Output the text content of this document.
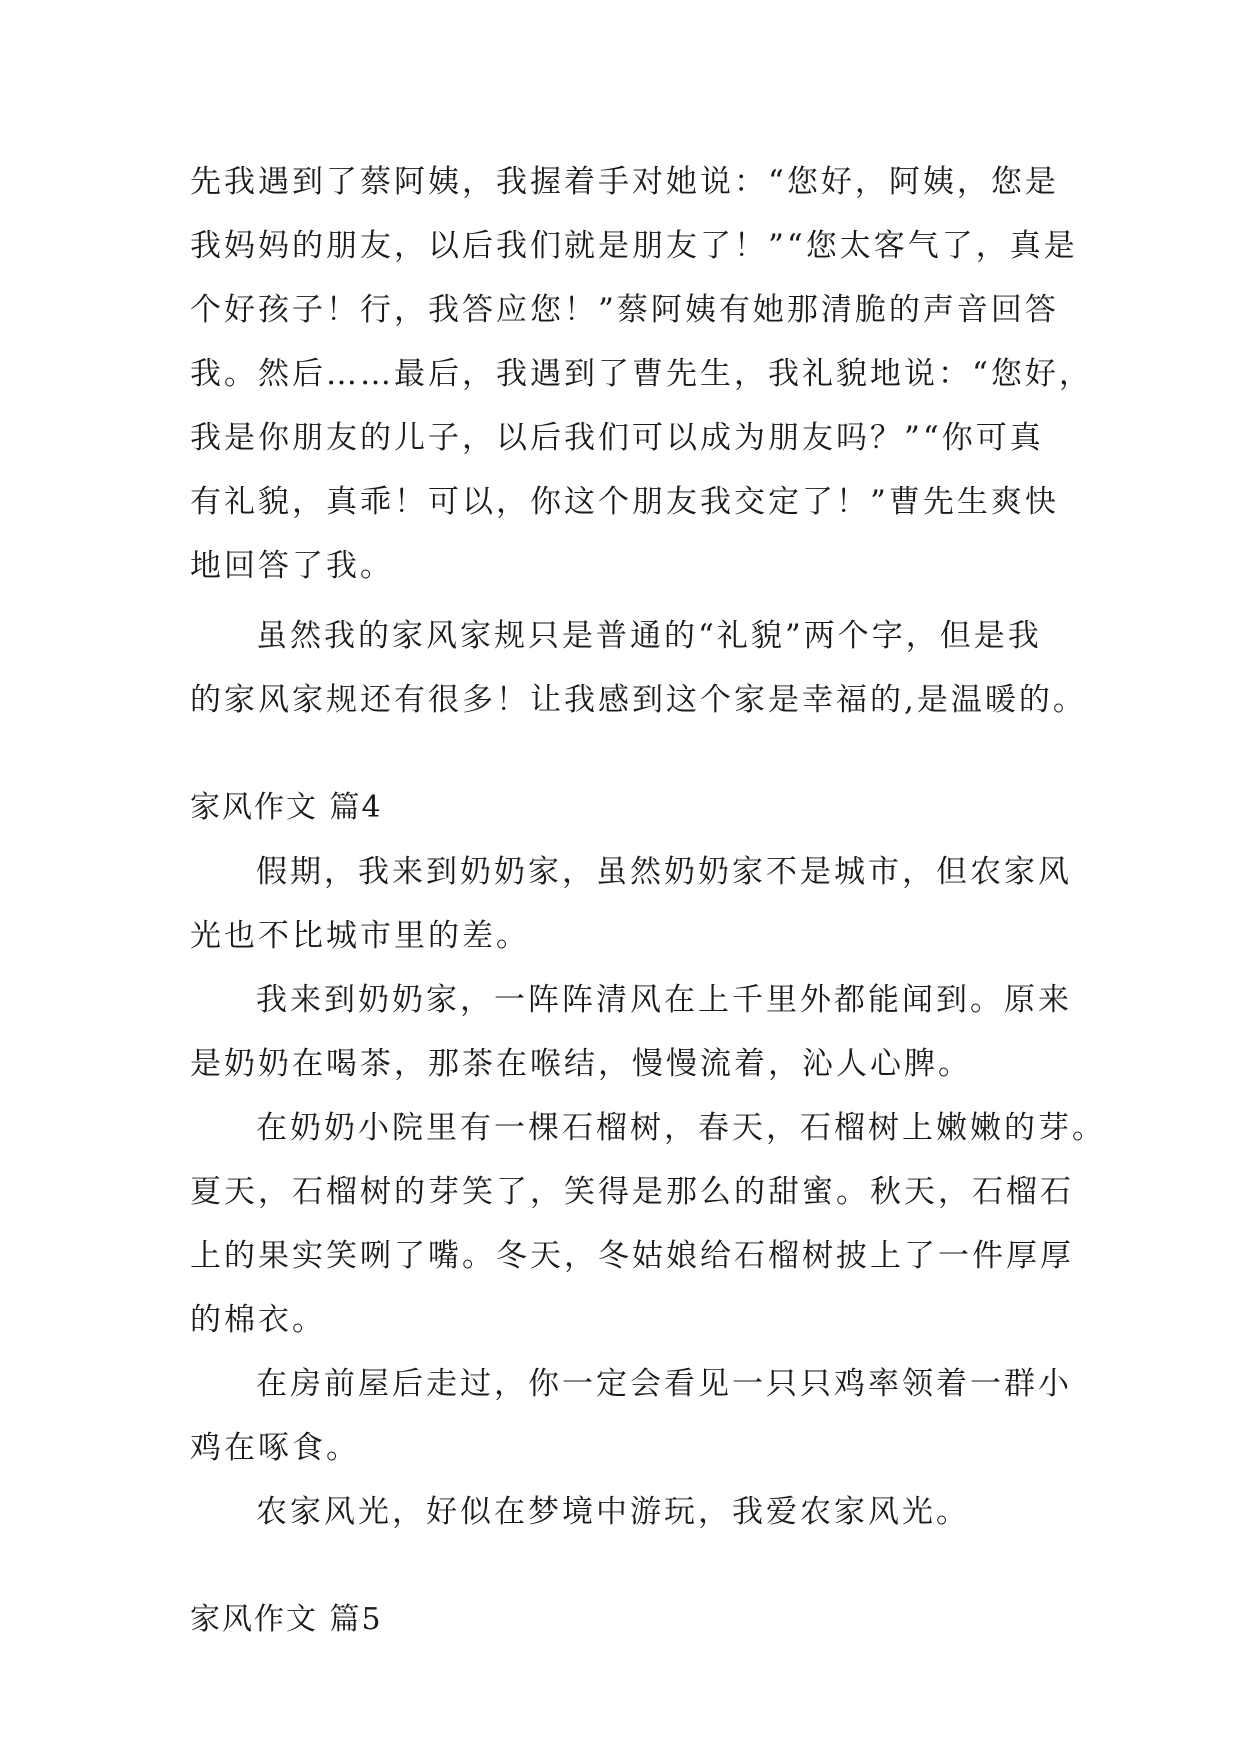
先我遇到了蔡阿姨，我握着手对她说：“您好，阿姨，您是
我妈妈的朋友，以后我们就是朋友了！”“您太客气了，真是
个好孩子！行，我答应您！”蔡阿姨有她那清脆的声音回答
我。然后……最后，我遇到了曹先生，我礼貌地说：“您好，
我是你朋友的儿子，以后我们可以成为朋友吗？”“你可真
有礼貌，真乖！可以，你这个朋友我交定了！”曹先生爽快
地回答了我。
虽然我的家风家规只是普通的“礼貌”两个字，但是我
的家风家规还有很多！让我感到这个家是幸福的,是温暖的。
家风作文 篇4
假期，我来到奶奶家，虽然奶奶家不是城市，但农家风
光也不比城市里的差。
我来到奶奶家，一阵阵清风在上千里外都能闻到。原来
是奶奶在喝茶，那茶在喉结，慢慢流着，沁人心脾。
在奶奶小院里有一棵石榴树，春天，石榴树上嫩嫩的芽。
夏天，石榴树的芽笑了，笑得是那么的甜蜜。秋天，石榴石
上的果实笑咧了嘴。冬天，冬姑娘给石榴树披上了一件厚厚
的棉衣。
在房前屋后走过，你一定会看见一只只鸡率领着一群小
鸡在啄食。
农家风光，好似在梦境中游玩，我爱农家风光。
家风作文 篇5
